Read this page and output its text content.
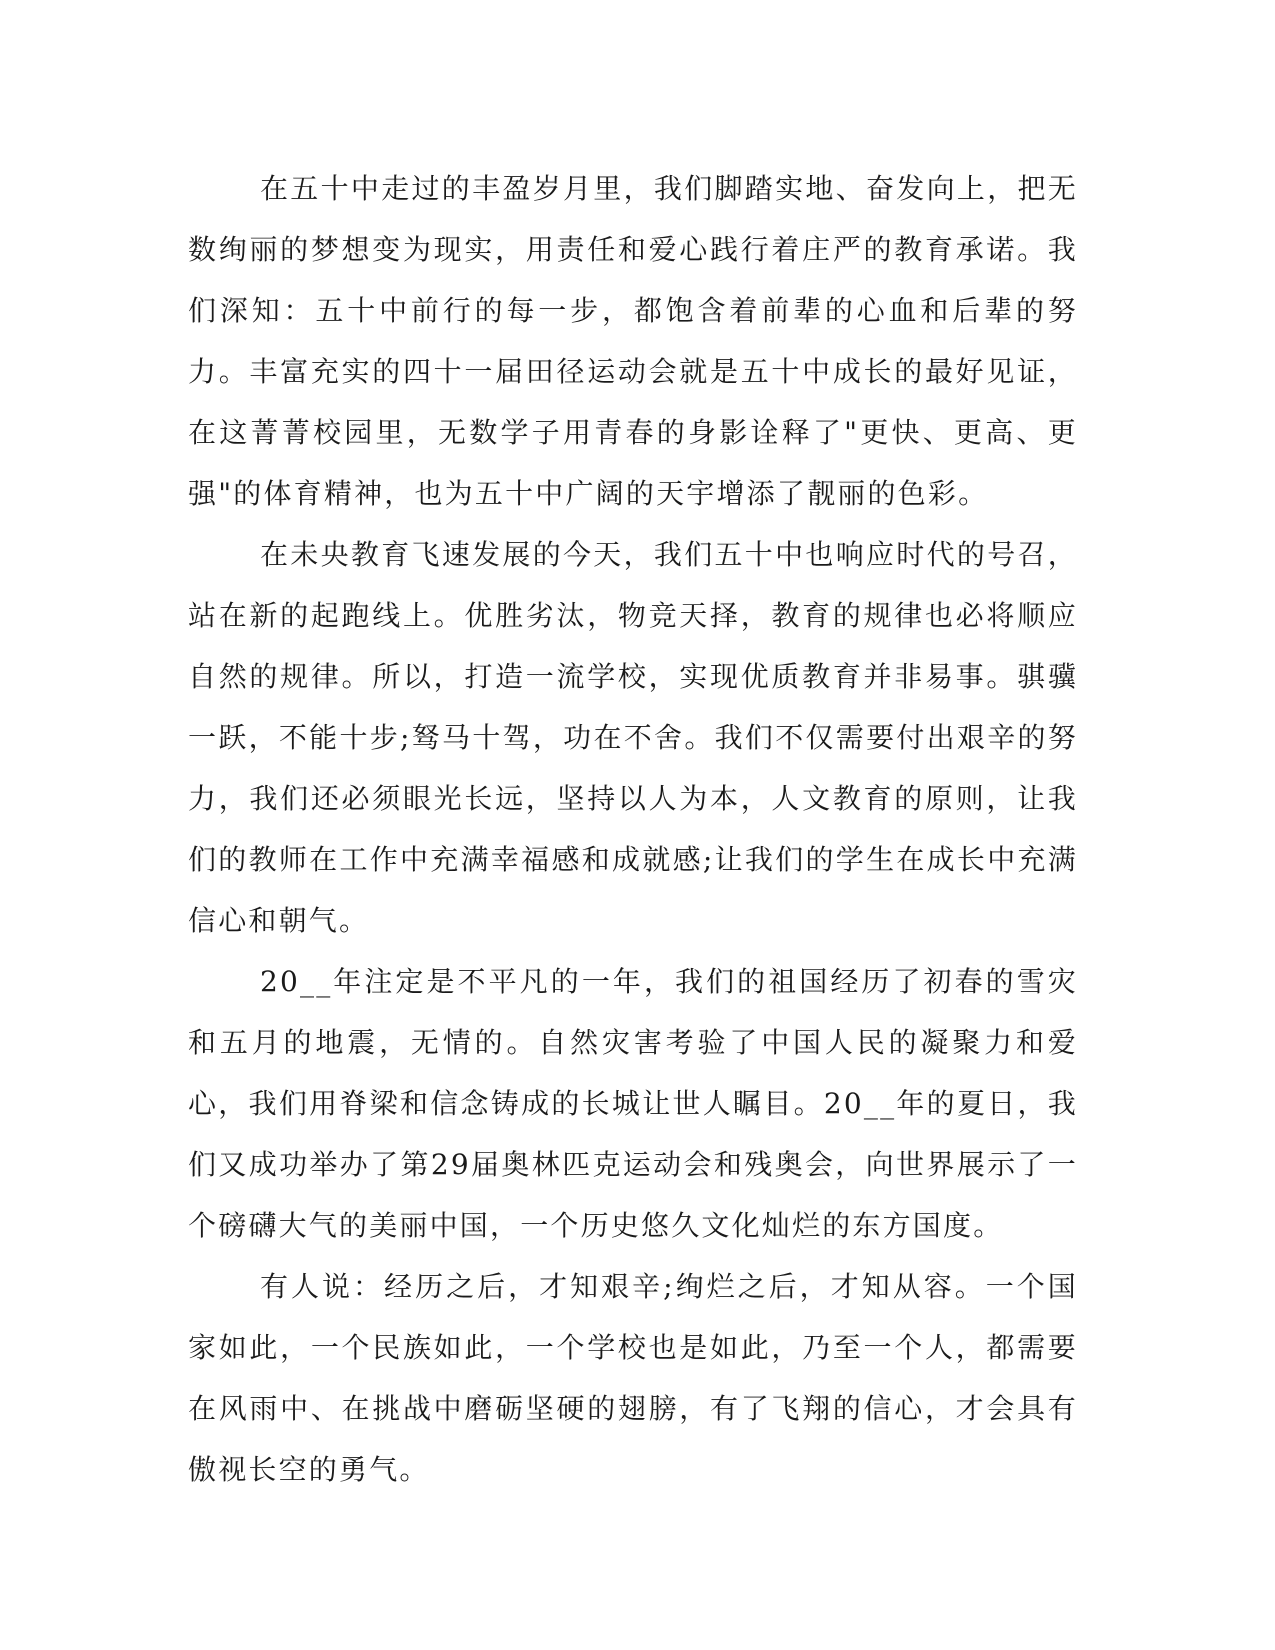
在五十中走过的丰盈岁月里，我们脚踏实地、奋发向上，把无数绚丽的梦想变为现实，用责任和爱心践行着庄严的教育承诺。我们深知：五十中前行的每一步，都饱含着前辈的心血和后辈的努力。丰富充实的四十一届田径运动会就是五十中成长的最好见证，在这菁菁校园里，无数学子用青春的身影诠释了"更快、更高、更强"的体育精神，也为五十中广阔的天宇增添了靓丽的色彩。

在未央教育飞速发展的今天，我们五十中也响应时代的号召，站在新的起跑线上。优胜劣汰，物竞天择，教育的规律也必将顺应自然的规律。所以，打造一流学校，实现优质教育并非易事。骐骥一跃，不能十步;驽马十驾，功在不舍。我们不仅需要付出艰辛的努力，我们还必须眼光长远，坚持以人为本，人文教育的原则，让我们的教师在工作中充满幸福感和成就感;让我们的学生在成长中充满信心和朝气。

20__年注定是不平凡的一年，我们的祖国经历了初春的雪灾和五月的地震，无情的。自然灾害考验了中国人民的凝聚力和爱心，我们用脊梁和信念铸成的长城让世人瞩目。20__年的夏日，我们又成功举办了第29届奥林匹克运动会和残奥会，向世界展示了一个磅礴大气的美丽中国，一个历史悠久文化灿烂的东方国度。

有人说：经历之后，才知艰辛;绚烂之后，才知从容。一个国家如此，一个民族如此，一个学校也是如此，乃至一个人，都需要在风雨中、在挑战中磨砺坚硬的翅膀，有了飞翔的信心，才会具有傲视长空的勇气。
